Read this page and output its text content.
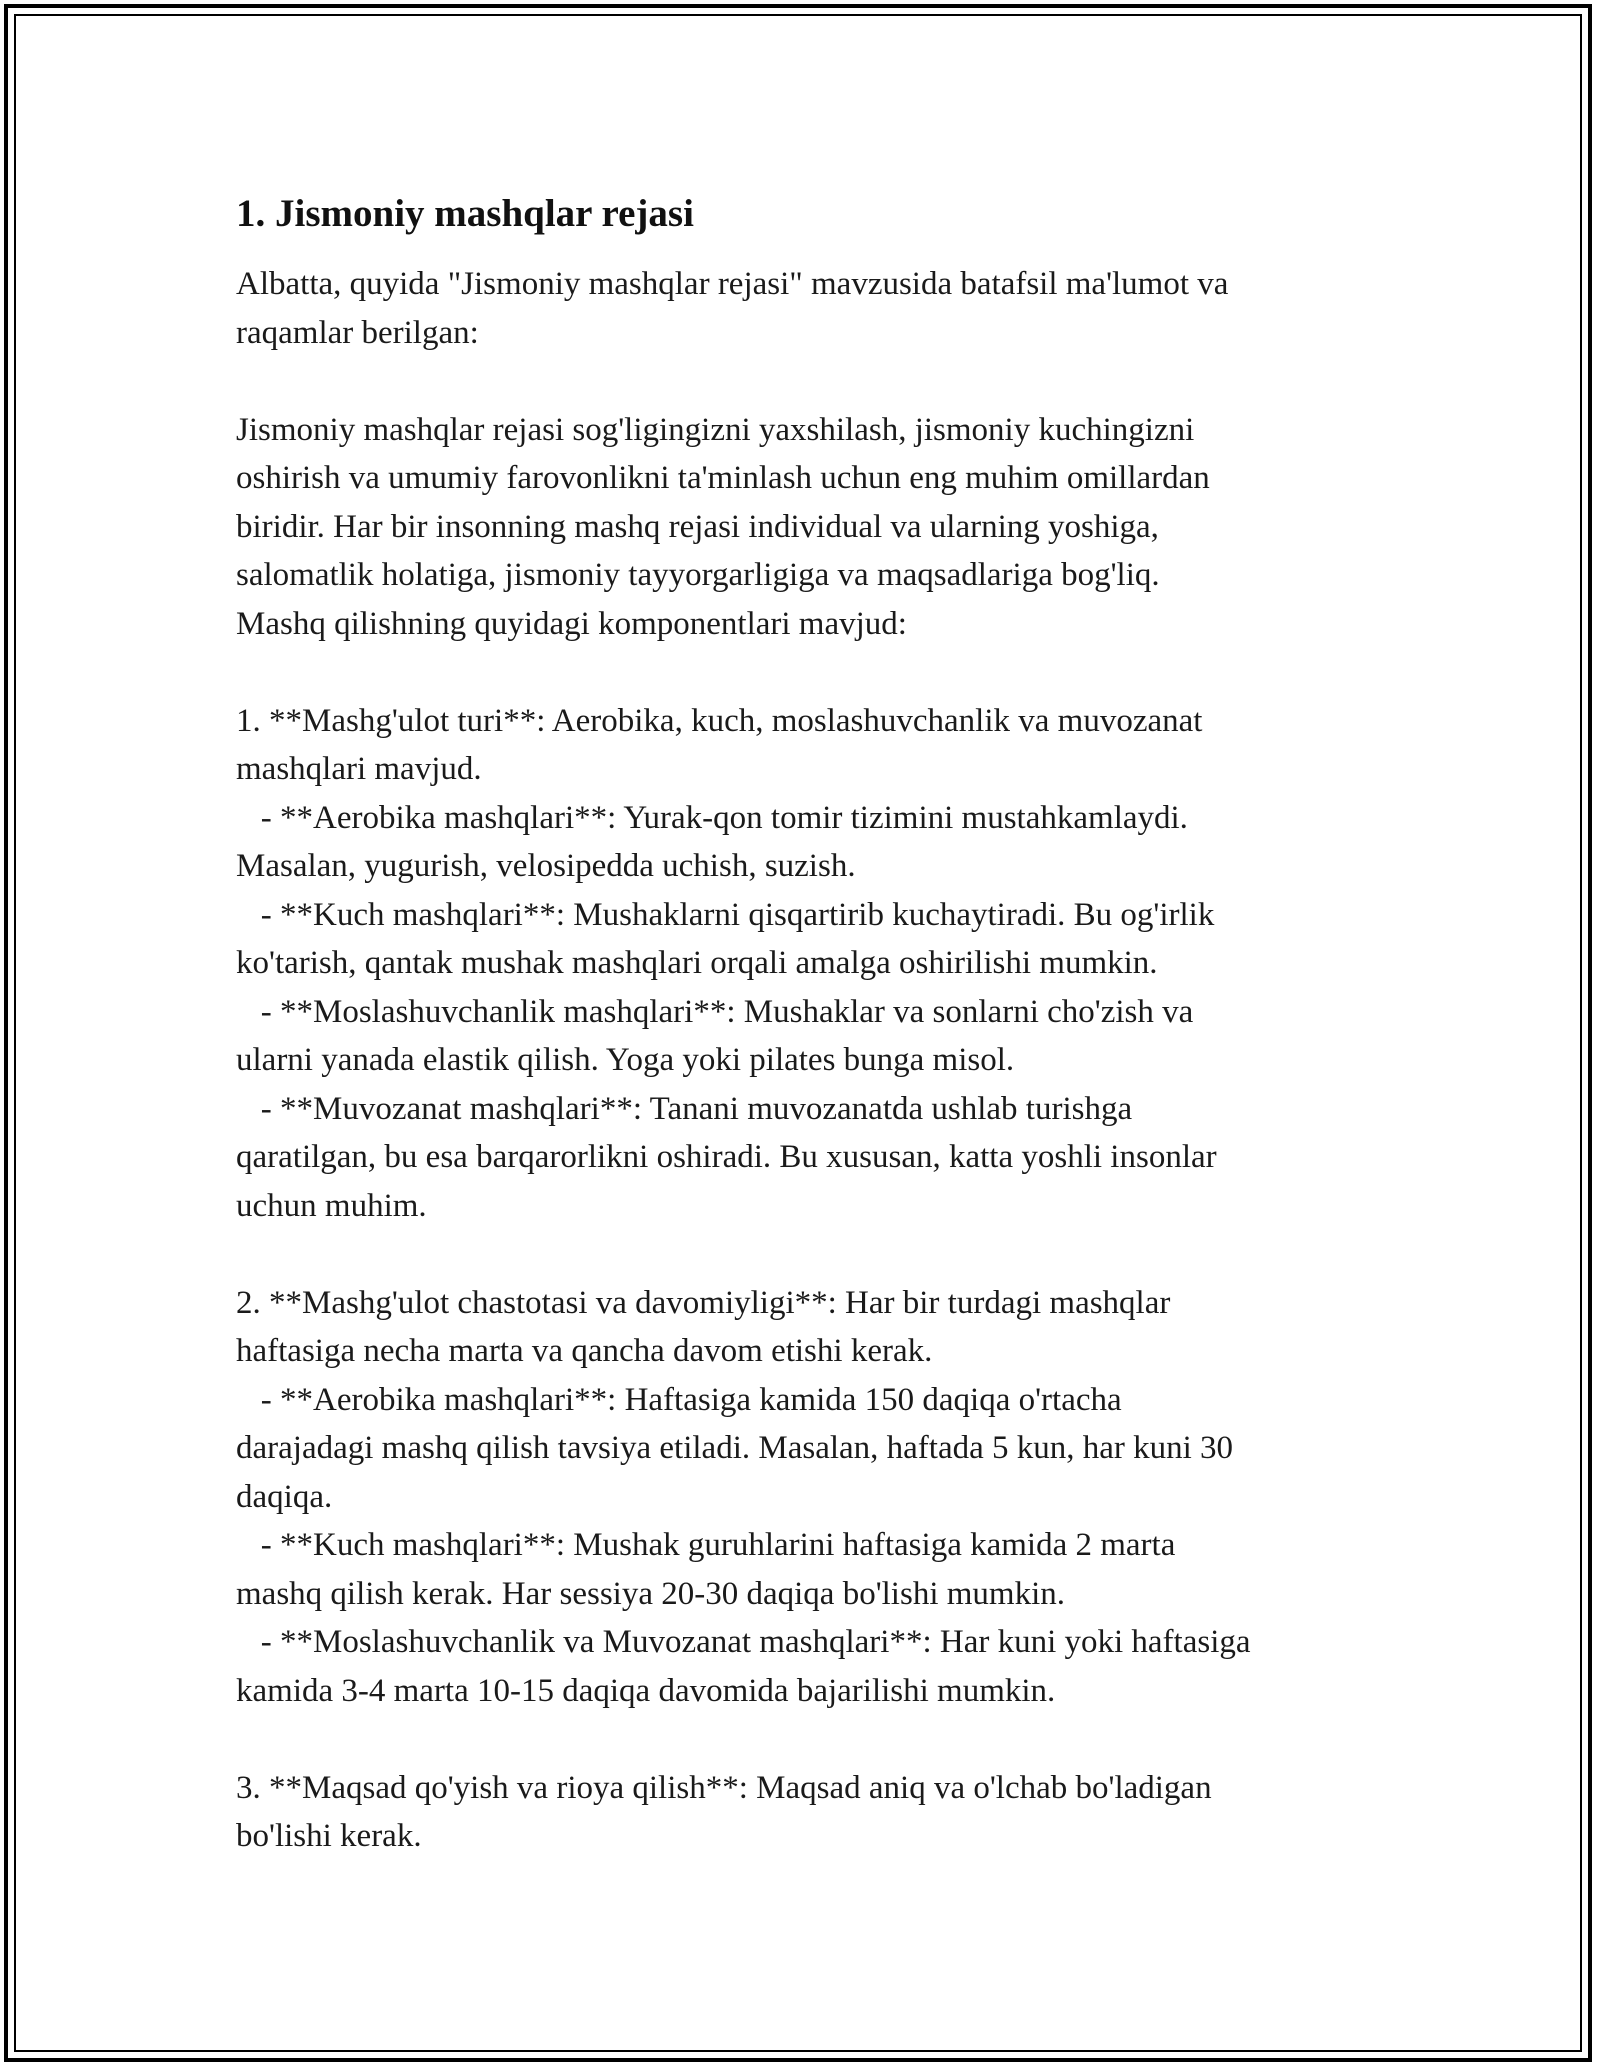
1. Jismoniy mashqlar rejasi
Albatta, quyida "Jismoniy mashqlar rejasi" mavzusida batafsil ma'lumot va
raqamlar berilgan:
Jismoniy mashqlar rejasi sog'ligingizni yaxshilash, jismoniy kuchingizni
oshirish va umumiy farovonlikni ta'minlash uchun eng muhim omillardan
biridir. Har bir insonning mashq rejasi individual va ularning yoshiga,
salomatlik holatiga, jismoniy tayyorgarligiga va maqsadlariga bog'liq.
Mashq qilishning quyidagi komponentlari mavjud:
1. **Mashg'ulot turi**: Aerobika, kuch, moslashuvchanlik va muvozanat
mashqlari mavjud.
- **Aerobika mashqlari**: Yurak-qon tomir tizimini mustahkamlaydi.
Masalan, yugurish, velosipedda uchish, suzish.
- **Kuch mashqlari**: Mushaklarni qisqartirib kuchaytiradi. Bu og'irlik
ko'tarish, qantak mushak mashqlari orqali amalga oshirilishi mumkin.
- **Moslashuvchanlik mashqlari**: Mushaklar va sonlarni cho'zish va
ularni yanada elastik qilish. Yoga yoki pilates bunga misol.
- **Muvozanat mashqlari**: Tanani muvozanatda ushlab turishga
qaratilgan, bu esa barqarorlikni oshiradi. Bu xususan, katta yoshli insonlar
uchun muhim.
2. **Mashg'ulot chastotasi va davomiyligi**: Har bir turdagi mashqlar
haftasiga necha marta va qancha davom etishi kerak.
- **Aerobika mashqlari**: Haftasiga kamida 150 daqiqa o'rtacha
darajadagi mashq qilish tavsiya etiladi. Masalan, haftada 5 kun, har kuni 30
daqiqa.
- **Kuch mashqlari**: Mushak guruhlarini haftasiga kamida 2 marta
mashq qilish kerak. Har sessiya 20-30 daqiqa bo'lishi mumkin.
- **Moslashuvchanlik va Muvozanat mashqlari**: Har kuni yoki haftasiga
kamida 3-4 marta 10-15 daqiqa davomida bajarilishi mumkin.
3. **Maqsad qo'yish va rioya qilish**: Maqsad aniq va o'lchab bo'ladigan
bo'lishi kerak.
